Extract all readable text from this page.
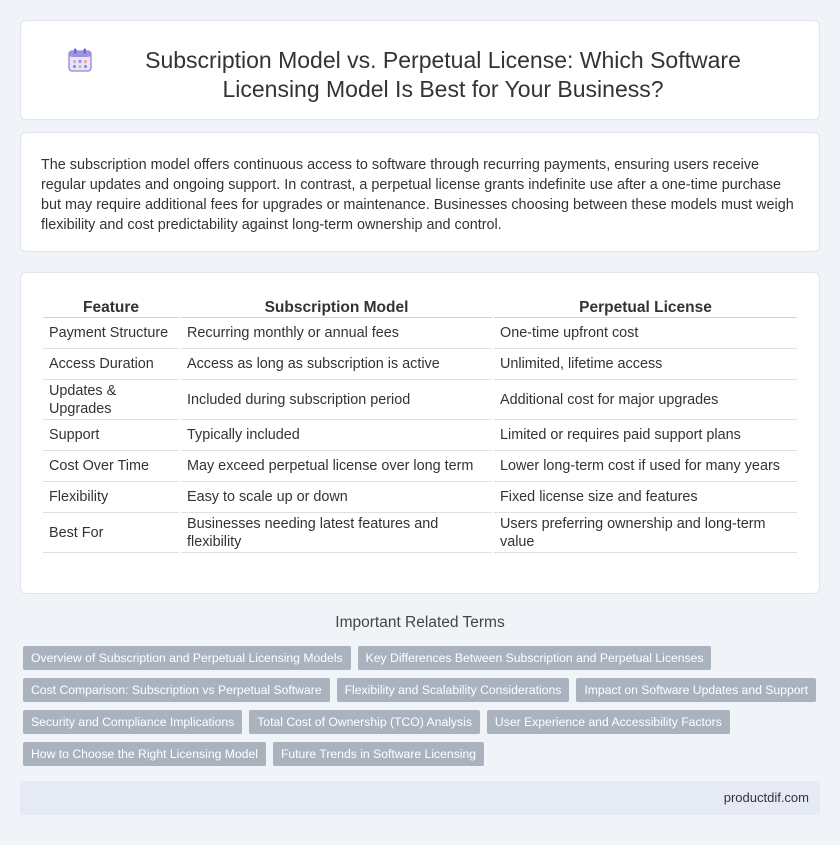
Subscription Model vs. Perpetual License: Which Software Licensing Model Is Best for Your Business?

The subscription model offers continuous access to software through recurring payments, ensuring users receive regular updates and ongoing support. In contrast, a perpetual license grants indefinite use after a one-time purchase but may require additional fees for upgrades or maintenance. Businesses choosing between these models must weigh flexibility and cost predictability against long-term ownership and control.

Feature	Subscription Model	Perpetual License
Payment Structure	Recurring monthly or annual fees	One-time upfront cost
Access Duration	Access as long as subscription is active	Unlimited, lifetime access
Updates & Upgrades	Included during subscription period	Additional cost for major upgrades
Support	Typically included	Limited or requires paid support plans
Cost Over Time	May exceed perpetual license over long term	Lower long-term cost if used for many years
Flexibility	Easy to scale up or down	Fixed license size and features
Best For	Businesses needing latest features and flexibility	Users preferring ownership and long-term value
Important Related Terms
Overview of Subscription and Perpetual Licensing Models	Key Differences Between Subscription and Perpetual Licenses
Cost Comparison: Subscription vs Perpetual Software	Flexibility and Scalability Considerations	Impact on Software Updates and Support
Security and Compliance Implications	Total Cost of Ownership (TCO) Analysis	User Experience and Accessibility Factors
How to Choose the Right Licensing Model	Future Trends in Software Licensing
productdif.com
